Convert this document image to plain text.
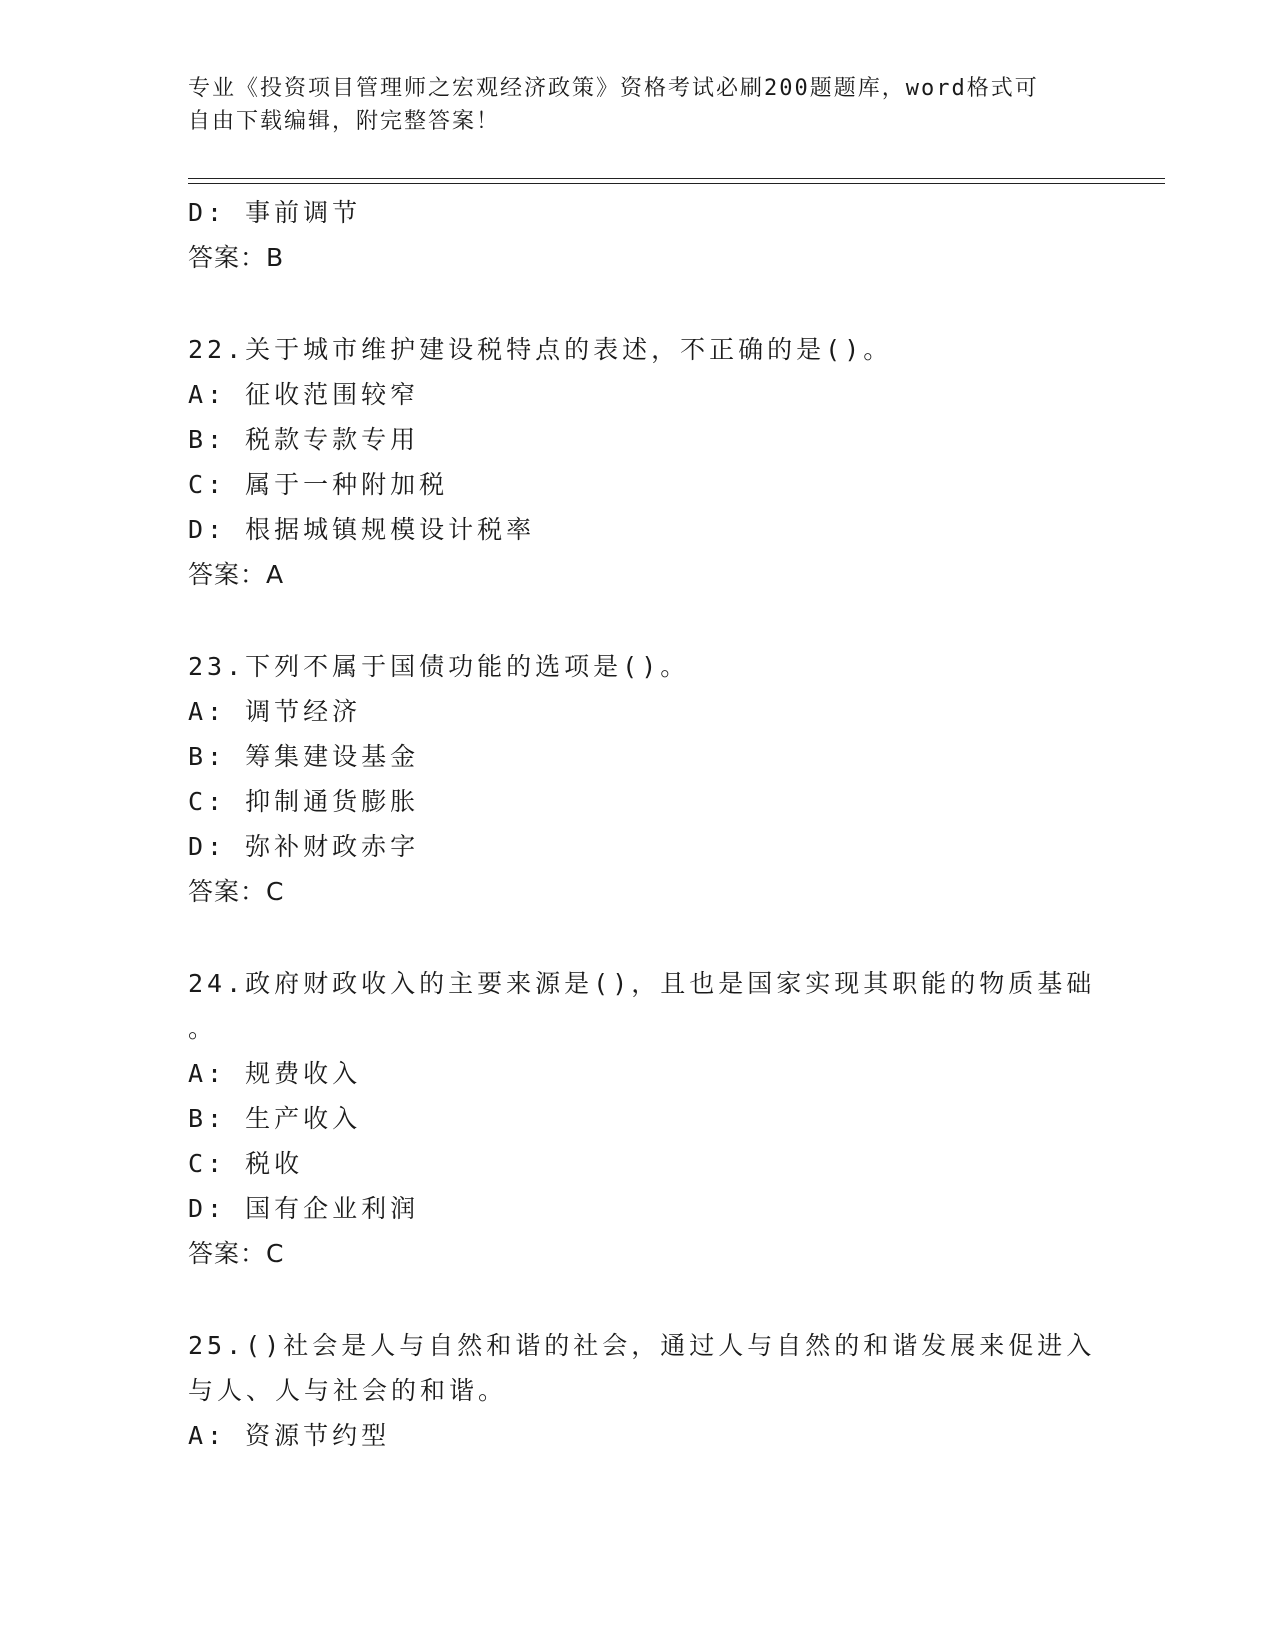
专业《投资项目管理师之宏观经济政策》资格考试必刷200题题库，word格式可
自由下载编辑，附完整答案！
D: 事前调节
答案：B
22.关于城市维护建设税特点的表述，不正确的是()。
A: 征收范围较窄
B: 税款专款专用
C: 属于一种附加税
D: 根据城镇规模设计税率
答案：A
23.下列不属于国债功能的选项是()。
A: 调节经济
B: 筹集建设基金
C: 抑制通货膨胀
D: 弥补财政赤字
答案：C
24.政府财政收入的主要来源是()，且也是国家实现其职能的物质基础
。
A: 规费收入
B: 生产收入
C: 税收
D: 国有企业利润
答案：C
25.()社会是人与自然和谐的社会，通过人与自然的和谐发展来促进入
与人、人与社会的和谐。
A: 资源节约型
